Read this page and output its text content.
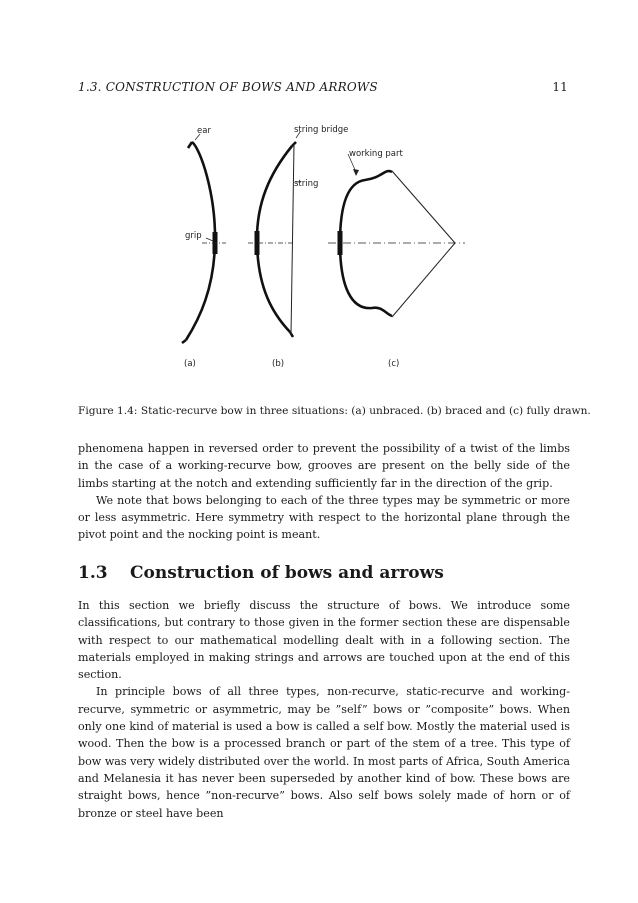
1.3. CONSTRUCTION OF BOWS AND ARROWS	11
ear	string bridge
string
working part
grip
(a)	(b)	(c)
Figure 1.4: Static-recurve bow in three situations: (a) unbraced. (b) braced and (c) fully drawn.

phenomena happen in reversed order to prevent the possibility of a twist of the limbs in the case of a working-recurve bow, grooves are present on the belly side of the limbs starting at the notch and extending sufficiently far in the direction of the grip.

We note that bows belonging to each of the three types may be symmetric or more or less asymmetric. Here symmetry with respect to the horizontal plane through the pivot point and the nocking point is meant.

1.3 Construction of bows and arrows

In this section we briefly discuss the structure of bows. We introduce some classifications, but contrary to those given in the former section these are dispensable with respect to our mathematical modelling dealt with in a following section. The materials employed in making strings and arrows are touched upon at the end of this section.

In principle bows of all three types, non-recurve, static-recurve and working-recurve, symmetric or asymmetric, may be ”self” bows or ”composite” bows. When only one kind of material is used a bow is called a self bow. Mostly the material used is wood. Then the bow is a processed branch or part of the stem of a tree. This type of bow was very widely distributed over the world. In most parts of Africa, South America and Melanesia it has never been superseded by another kind of bow. These bows are straight bows, hence ”non-recurve” bows. Also self bows solely made of horn or of bronze or steel have been
